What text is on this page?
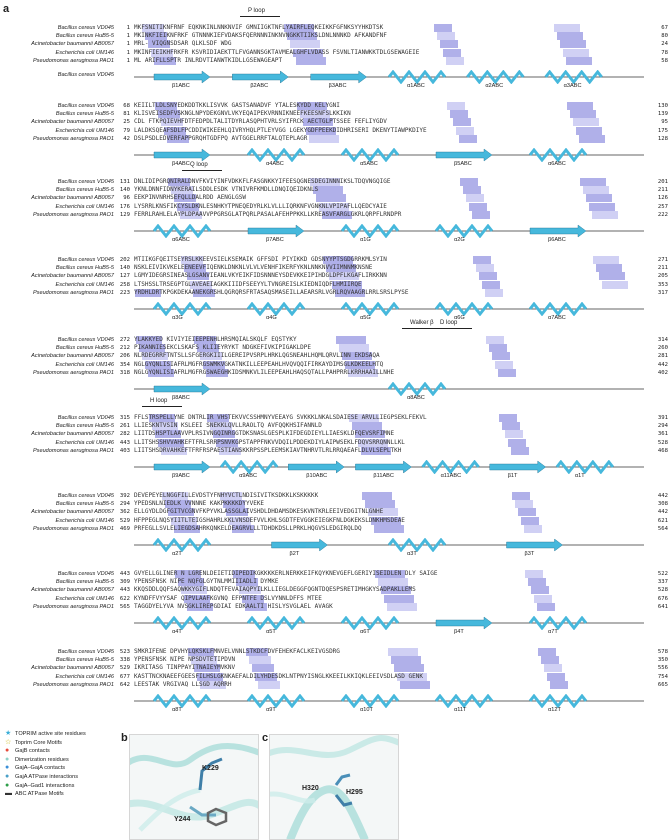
a	P loop
Bacillus cereus VD045	1 MKFSNITIKNFRNF EQKNKINLNNKNVIF GMNIIGKTNFLYAIRFLEQKEIKKFGFNKSYYHKDTSK	67
Bacillus cereus HuB5-5	1 MKINKFIEIKNFRKF GTNNNKIEFVDAKSFQERNNNINKNVNGKKTIIKSLDNLNNNKD AFKANDFNF	80
Acinetobacter baumannii AB0057	1 MRL- VIQGNSDSAR QLKLSDF WDG	24
Escherichia coli UM146	1 MKINFIEIKHFRKFR KSVRIDIAEKTTLFVGANNSGKTAVMEALGHFLVDASS FSVNLTIANWKKTDLGSEWAGEIE	78
Pseudomonas aeruginosa PAO1	1 ML ARIFLLSPTR INLRDVTIANWTKIDLLGSEWAGEAPT	58
Bacillus cereus VD045
β1ABC	β2ABC	β3ABC	α1ABC	α2ABC	α3ABC
Bacillus cereus VD045	68 KEIILTLDLSNYEDKDDTKKLISVVK GASTSANADVF YTALESKYDD KELYGNI	130
Bacillus cereus HuB5-5	81 KLISVEISEDFVSKNGLNPYDEKGNVLVKYEQAIPEKVRNNIKNEEFKEESNFSLKKIKN	139
Acinetobacter baumannii AB0057	25 CDL FTKPQIEVHFDTFEDPDLTALITDYRLASQPHTVRLSYIFRCK AECTGLPTSSEE FEFLIYGDV	95
Escherichia coli UM146	79 LALDKSQEAFSDLFPCDDIWIKEEHLQIVRYHQLPTLEYVGG LGEKYGDFPEEKDIDHRISERI DKENYTIAWPKDIYE	175
Pseudomonas aeruginosa PAO1	42 DSLPSDLEDVERFAPPGRQHTGDFPQ AVTGGELRRFTALQTEPLAGR	128
β4ABC	α4ABC	α5ABC	β5ABC	α6ABC
Q loop
Bacillus cereus VD045	131 DNLIDIPGRQNIRALDNVFKVIYINFVDKKFLFASGNKKYIFEESQGNESDEGINNNIKSLTDQVNGQIGE	201
Bacillus cereus HuB5-5	140 YKNLDNNFIDNYKERAILSDDLESDK VTNIVRFKMDLLDNQIQEIDKNLS	211
Acinetobacter baumannii AB0057	96 EEKPINVNRHSEFQLLDALRDD AENGLGSW	126
Escherichia coli UM146	176 LYSRRLKNSFIKCYSLDKNLESNHKYTPNEQEDYRLKLVLLLIQRKNFVGNKNLVPIPAFLLQEDCYAIE	257
Pseudomonas aeruginosa PAO1	129 FERRLRAHLELAYPLDPAAVVPPGRSGLATPQRLPASALAFEHPPKKLLKREASVFARGLGKRLQRPFLRNDPR	222
α6ABC	β7ABC	α1G	α2G	β6ABC
Bacillus cereus VD045	202 MTIIKGFQEITSEYRSLKKEEVSIELKSEMAIK GFFSDI PIYIKKD GDSNYYPTSGDGRRKMLSYIN	271
Bacillus cereus HuB5-5	140 NSKLEIVIKVKELEENEEVFIQENKLDNKNLVLVLVENHFIKERFYKNLNNKNVVIIMNNMKNSNE	211
Acinetobacter baumannii AB0057	127 LGMYIDEGRSINEASLGSANVIEANLVKYEIKFIDSNNNEYSDEVKKEIPIHDGLDPFLKGAFLIRKKNN	205
Escherichia coli UM146	258 LTSHSSLTRSEGPTGLAVEAEIAGKKIIIDFSEEYYLTVNGREISLKIEDNIQDFLHMIIRQE	353
Pseudomonas aeruginosa PAO1	223 YRDHLDRTKPGKDEKAANEKGRSHLQGRQRSFRTASAQSMASEILLAEARSRLVGRLRQVAAGRLRRLSRSLPYSE	317
α3G	α4G	α5G	α6G	α7ABC
Walker β D loop
Bacillus cereus VD045	272 YLAKKYED KIVIYIEIEEPENHLHRSMQIALSKQLF EQSTYKY	314
Bacillus cereus HuB5-5	212 PIKANNIESEKCLSKAFS KLIIEYRYKT NDGKEFIVKIPIGAKLDPE	260
Acinetobacter baumannii AB0057	206 NLRDEGRRFTNTSLLSFGERGKIIILGEREIPVSRPLHRKLQGSNEAHLHQMLQRVLINN EKDSAQA	281
Escherichia coli UM146	354 NGLGYQNLISIAFRLMGFRGSWMKVGKATNKILLEEPEAHLHVQVQQIFIRKAYDIMSGLKDKEELHTQ	442
Pseudomonas aeruginosa PAO1	318 NGLGYQNLISIAFRLMGFRGSWAEGHKIDSMNKVLILEEPEAHLHAQSQTALLPAHPRRLKRRHAAILLNHE	402
β8ABC	α8ABC
H loop
Bacillus cereus VD045	315 FFLSTRSPELLYNE DNTRLIR VHSTEKVVCSSHMNYVEEAYG SVKKKLNKALSDAIESE ARVLLIEGPSEKLFEKVL	391
Bacillus cereus HuB5-5	261 LLIESKNTVSIN KSLEEI SNEKKLQVLLRAOLTQ AVFQQKHSIFANNLD	294
Acinetobacter baumannii AB0057	282 LIITDSHSPTLAAVVPLRSIVNGQINRGGTDKSNASLGESPLKIFDEGDIEYLLIAESKLDFQEVSRFIMNE	361
Escherichia coli UM146	443 LLITSHSSHVVAHKEFTFRLSRRPSNVKGPSTAPPFNKVVDQILPDDEKDIYLAIPWSEKLFDQVSRRQNNLLKL	528
Pseudomonas aeruginosa PAO1	403 LIITSHSDRVAHKEFTFRFRSPAESTIANSKKRPSSPLEEMSKIAVTNHRVTLRLRRQAEAFLDLVLSEPLTKH	468
β9ABC	α9ABC	β10ABC	β11ABC	α11ABC	β1T	α1T
Bacillus cereus VD045	392 DEVEPEYELNGGFILLEVDSTYFNHYVCTLNDISIVITKSDKKLKSKKKKK	442
Bacillus cereus HuB5-5	294 YPEDSNLNIEDLK VVNNNE KAKPKKKKDYYVEKE	308
Acinetobacter baumannii AB0057	362 ELLGYDLDGFGITVCGNVFKPYVKLASSGLAIVSHDLDHDAMSDKESKVNTKRLEEIVEDGITNLGNHE	442
Escherichia coli UM146	529 HFPPEGLNQSYIITLTEIGSHAHRLKKLVNSDEFVVLKHLSGDTFEVGGKEIEGKFNLDGKEKSLDNKHMSDEAE	621
Pseudomonas aeruginosa PAO1	469 PRFEGLLSVLELIEGDSAHRKQNKELDEAGRVLLLTDHDKDSLLPRKLHQGVSLEDGIRQLDQ	564
α2T	β2T	α3T	β3T
Bacillus cereus VD045	443 GVYELLGLINER N LGRENLDEIETIDIPEDIKGKKKKERLNERKKEIFKQYKNEVGEFLGERIYISEIDLEN DLY SAIGE	522
Bacillus cereus HuB5-5	309 YPENSFNSK NIPE NQFGLGYTNLMMIIIADLI DYMKE	337
Acinetobacter baumannii AB0057	443 KKQSDDLQQFSAQWKKYGIFLNDQTFEVAIAQPYILKLLIEGLDEGGFQGNTDQESPSRETIMHGKYSADPAKLLEMS	528
Escherichia coli UM146	622 KYNDFFVYYSAF QIPVLAAFKGVNQ EFPNTFE DSLVYNNLDFFS MTEE	676
Pseudomonas aeruginosa PAO1	565 TAGGDYELYVA NVSGKLIREPGDIAI EDKAALTI HISLYSVGLAEL AVAGK	641
α4T	α5T	α6T	β4T	α7T
Bacillus cereus VD045	523 SMKRIFENE DPVHYLQKSKLFMNVELVNNLSTKDCFDVFEHEKFACLKEIVGSDRG	578
Bacillus cereus HuB5-5	338 YPENSFNSK NIPE NPSDVTETIPDVN	350
Acinetobacter baumannii AB0057	529 IKRITASG TINPPAYITNAIEYMVKNV	556
Escherichia coli UM146	677 KASTTNCKNAEEFGEESFILHSLGKNKAEFALDILYHDESDKLNTPNYISNGLKKEEILKKIQKLEEIVSDLASD GENK	754
Pseudomonas aeruginosa PAO1	642 LEESTAK VRGIVAQ LLSGD AQRRH	665
α8T	α9T	α10T	α11T	α12T
★ TOPRIM active site residues
☆ Toprim Core Motifs
● GajB contacts
● Dimerization residues
● GajA–GajA contacts
● GajA ATPase interactions
● GajA–Gad1 interactions
▬ ABC ATPase Motifs
b
K229
Y244
c
H320
H295
